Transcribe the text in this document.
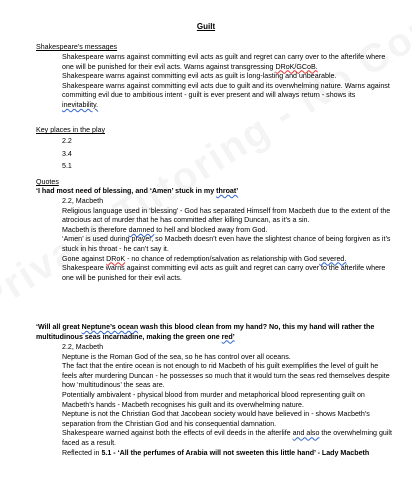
Guilt
Shakespeare’s messages

Shakespeare warns against committing evil acts as guilt and regret can carry over to the afterlife where one will be punished for their evil acts. Warns against transgressing DRoK/GCoB.

Shakespeare warns against committing evil acts as guilt is long-lasting and unbearable.

Shakespeare warns against committing evil acts due to guilt and its overwhelming nature. Warns against committing evil due to ambitious intent - guilt is ever present and will always return - shows its inevitability.

Key places in the play
2.2
3.4
5.1
Quotes
‘I had most need of blessing, and ‘Amen’ stuck in my throat’

2.2, Macbeth

Religious language used in ‘blessing’ - God has separated Himself from Macbeth due to the extent of the atrocious act of murder that he has committed after killing Duncan, as it’s a sin.

Macbeth is therefore damned to hell and blocked away from God.

‘Amen’ is used during prayer, so Macbeth doesn’t even have the slightest chance of being forgiven as it’s stuck in his throat - he can’t say it.

Gone against DRoK - no chance of redemption/salvation as relationship with God severed.

Shakespeare warns against committing evil acts as guilt and regret can carry over to the afterlife where one will be punished for their evil acts.

‘Will all great Neptune’s ocean wash this blood clean from my hand? No, this my hand will rather the multitudinous seas incarnadine, making the green one red’

2.2, Macbeth

Neptune is the Roman God of the sea, so he has control over all oceans.

The fact that the entire ocean is not enough to rid Macbeth of his guilt exemplifies the level of guilt he feels after murdering Duncan - he possesses so much that it would turn the seas red themselves despite how ‘multitudinous’ the seas are.

Potentially ambivalent - physical blood from murder and metaphorical blood representing guilt on Macbeth’s hands - Macbeth recognises his guilt and its overwhelming nature.

Neptune is not the Christian God that Jacobean society would have believed in - shows Macbeth’s separation from the Christian God and his consequential damnation.

Shakespeare warned against both the effects of evil deeds in the afterlife and also the overwhelming guilt faced as a result.

Reflected in 5.1 - ‘All the perfumes of Arabia will not sweeten this little hand’ - Lady Macbeth
